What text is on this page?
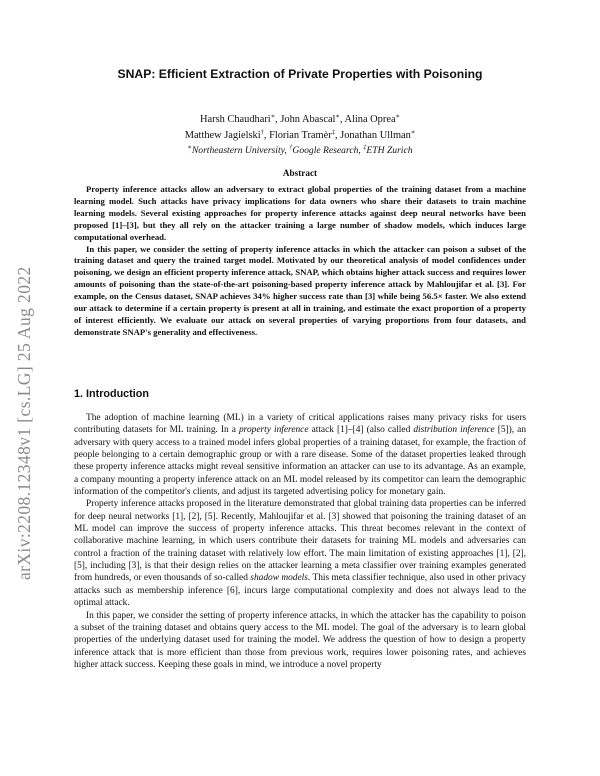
arXiv:2208.12348v1 [cs.LG] 25 Aug 2022
SNAP: Efficient Extraction of Private Properties with Poisoning
Harsh Chaudhari∗, John Abascal∗, Alina Oprea∗
Matthew Jagielski†, Florian Tramèr‡, Jonathan Ullman∗
∗Northeastern University, †Google Research, ‡ETH Zurich
Abstract

Property inference attacks allow an adversary to extract global properties of the training dataset from a machine learning model. Such attacks have privacy implications for data owners who share their datasets to train machine learning models. Several existing approaches for property inference attacks against deep neural networks have been proposed [1]–[3], but they all rely on the attacker training a large number of shadow models, which induces large computational overhead.

In this paper, we consider the setting of property inference attacks in which the attacker can poison a subset of the training dataset and query the trained target model. Motivated by our theoretical analysis of model confidences under poisoning, we design an efficient property inference attack, SNAP, which obtains higher attack success and requires lower amounts of poisoning than the state-of-the-art poisoning-based property inference attack by Mahloujifar et al. [3]. For example, on the Census dataset, SNAP achieves 34% higher success rate than [3] while being 56.5× faster. We also extend our attack to determine if a certain property is present at all in training, and estimate the exact proportion of a property of interest efficiently. We evaluate our attack on several properties of varying proportions from four datasets, and demonstrate SNAP's generality and effectiveness.

1. Introduction

The adoption of machine learning (ML) in a variety of critical applications raises many privacy risks for users contributing datasets for ML training. In a property inference attack [1]–[4] (also called distribution inference [5]), an adversary with query access to a trained model infers global properties of a training dataset, for example, the fraction of people belonging to a certain demographic group or with a rare disease. Some of the dataset properties leaked through these property inference attacks might reveal sensitive information an attacker can use to its advantage. As an example, a company mounting a property inference attack on an ML model released by its competitor can learn the demographic information of the competitor's clients, and adjust its targeted advertising policy for monetary gain.

Property inference attacks proposed in the literature demonstrated that global training data properties can be inferred for deep neural networks [1], [2], [5]. Recently, Mahloujifar et al. [3] showed that poisoning the training dataset of an ML model can improve the success of property inference attacks. This threat becomes relevant in the context of collaborative machine learning, in which users contribute their datasets for training ML models and adversaries can control a fraction of the training dataset with relatively low effort. The main limitation of existing approaches [1], [2], [5], including [3], is that their design relies on the attacker learning a meta classifier over training examples generated from hundreds, or even thousands of so-called shadow models. This meta classifier technique, also used in other privacy attacks such as membership inference [6], incurs large computational complexity and does not always lead to the optimal attack.

In this paper, we consider the setting of property inference attacks, in which the attacker has the capability to poison a subset of the training dataset and obtains query access to the ML model. The goal of the adversary is to learn global properties of the underlying dataset used for training the model. We address the question of how to design a property inference attack that is more efficient than those from previous work, requires lower poisoning rates, and achieves higher attack success. Keeping these goals in mind, we introduce a novel property
